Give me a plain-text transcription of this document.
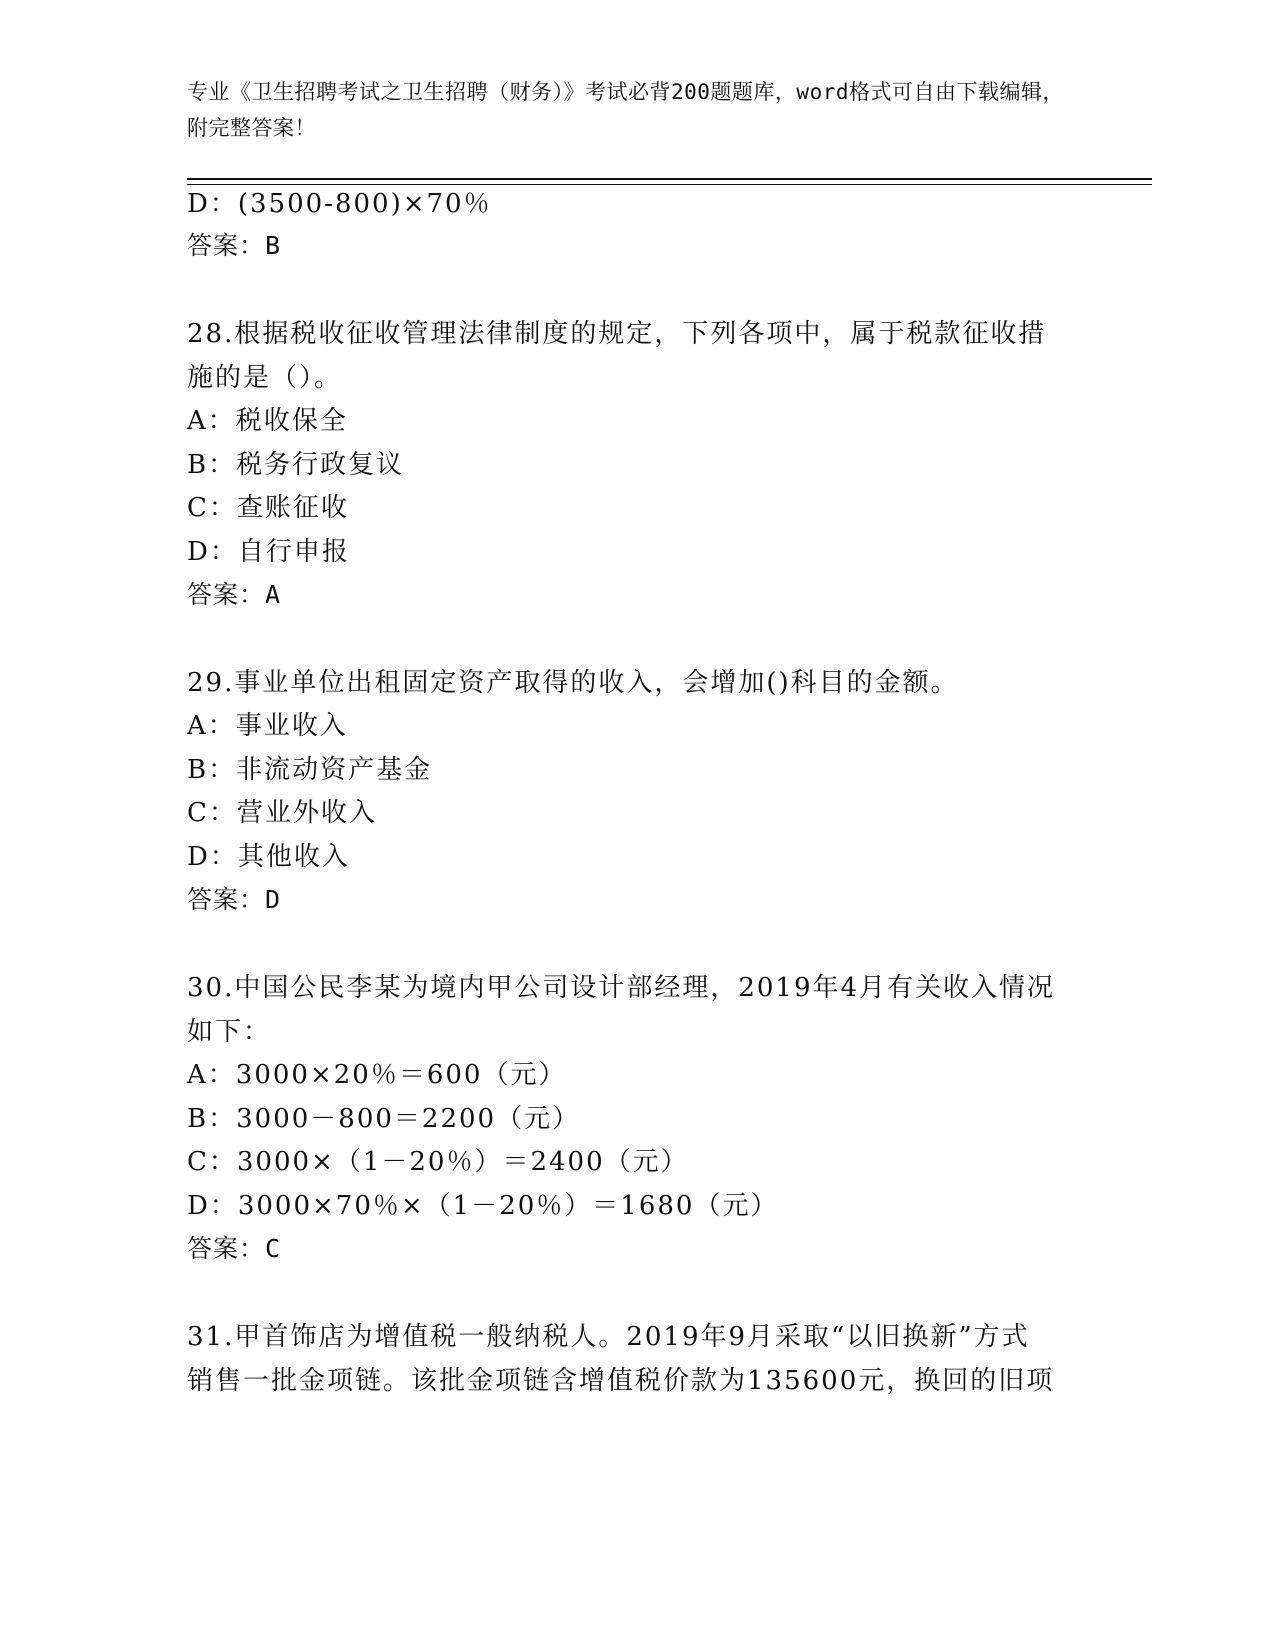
专业《卫生招聘考试之卫生招聘（财务）》考试必背200题题库，word格式可自由下载编辑，附完整答案！
D：(3500-800)×70％
答案：B
28.根据税收征收管理法律制度的规定，下列各项中，属于税款征收措
施的是（）。
A：税收保全
B：税务行政复议
C：查账征收
D：自行申报
答案：A
29.事业单位出租固定资产取得的收入，会增加()科目的金额。
A：事业收入
B：非流动资产基金
C：营业外收入
D：其他收入
答案：D
30.中国公民李某为境内甲公司设计部经理，2019年4月有关收入情况
如下：
A：3000×20％＝600（元）
B：3000－800＝2200（元）
C：3000×（1－20％）＝2400（元）
D：3000×70％×（1－20％）＝1680（元）
答案：C
31.甲首饰店为增值税一般纳税人。2019年9月采取“以旧换新”方式
销售一批金项链。该批金项链含增值税价款为135600元，换回的旧项
